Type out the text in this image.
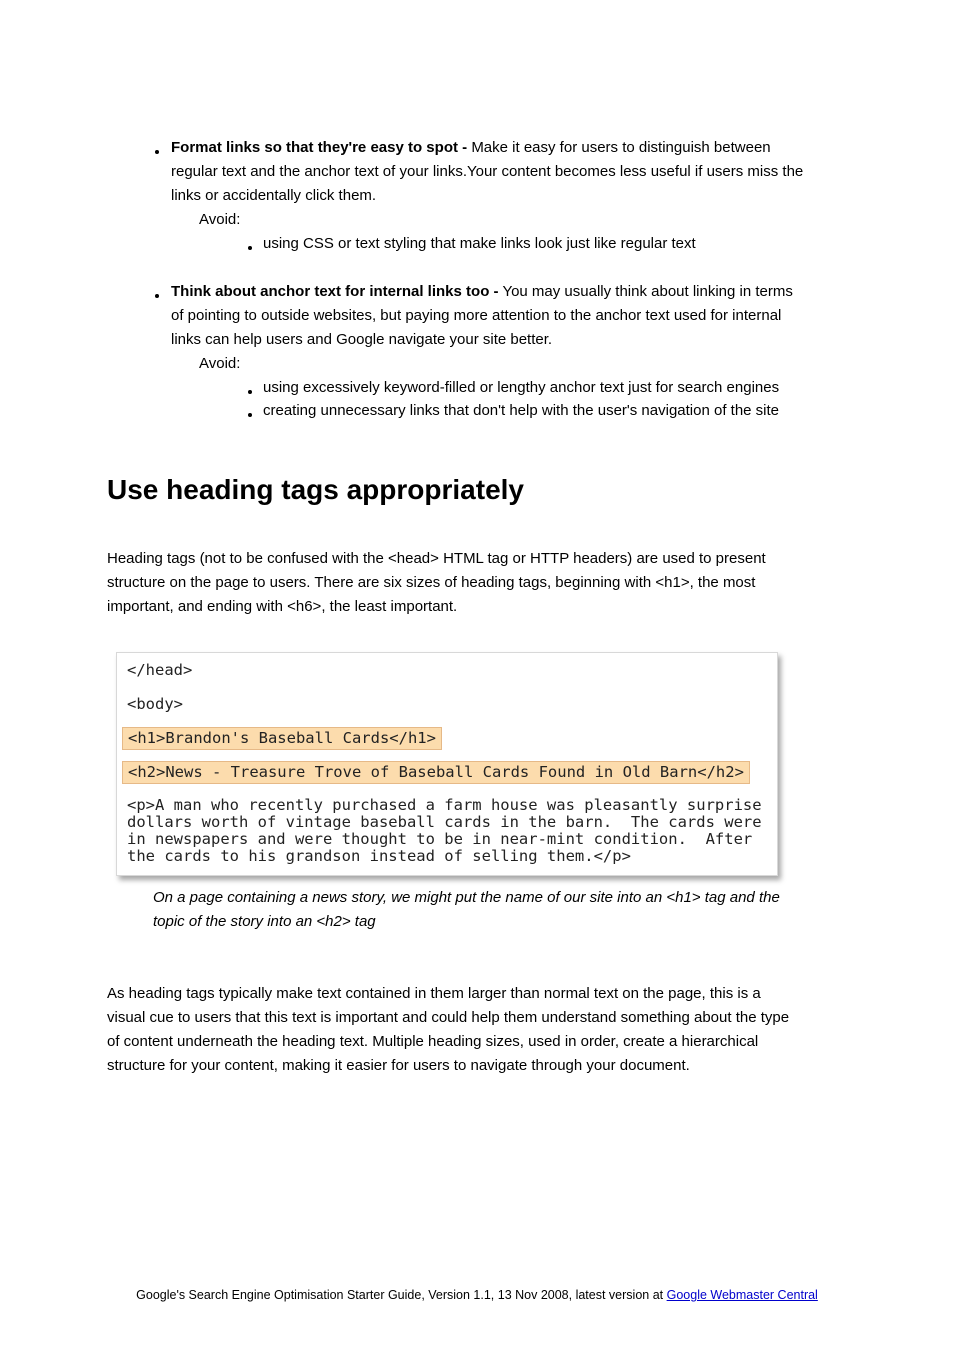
Format links so that they're easy to spot - Make it easy for users to distinguish between
regular text and the anchor text of your links.Your content becomes less useful if users miss the
links or accidentally click them.
Avoid:
using CSS or text styling that make links look just like regular text
Think about anchor text for internal links too - You may usually think about linking in terms
of pointing to outside websites, but paying more attention to the anchor text used for internal
links can help users and Google navigate your site better.
Avoid:
using excessively keyword-filled or lengthy anchor text just for search engines
creating unnecessary links that don't help with the user's navigation of the site
Use heading tags appropriately
Heading tags (not to be confused with the <head> HTML tag or HTTP headers) are used to present
structure on the page to users. There are six sizes of heading tags, beginning with <h1>, the most
important, and ending with <h6>, the least important.
</head>
<body>
<h1>Brandon's Baseball Cards</h1>
<h2>News - Treasure Trove of Baseball Cards Found in Old Barn</h2>
<p>A man who recently purchased a farm house was pleasantly surprise
dollars worth of vintage baseball cards in the barn.  The cards were
in newspapers and were thought to be in near-mint condition.  After
the cards to his grandson instead of selling them.</p>
On a page containing a news story, we might put the name of our site into an <h1> tag and the
topic of the story into an <h2> tag
As heading tags typically make text contained in them larger than normal text on the page, this is a
visual cue to users that this text is important and could help them understand something about the type
of content underneath the heading text. Multiple heading sizes, used in order, create a hierarchical
structure for your content, making it easier for users to navigate through your document.
Google's Search Engine Optimisation Starter Guide, Version 1.1, 13 Nov 2008, latest version at Google Webmaster Central
